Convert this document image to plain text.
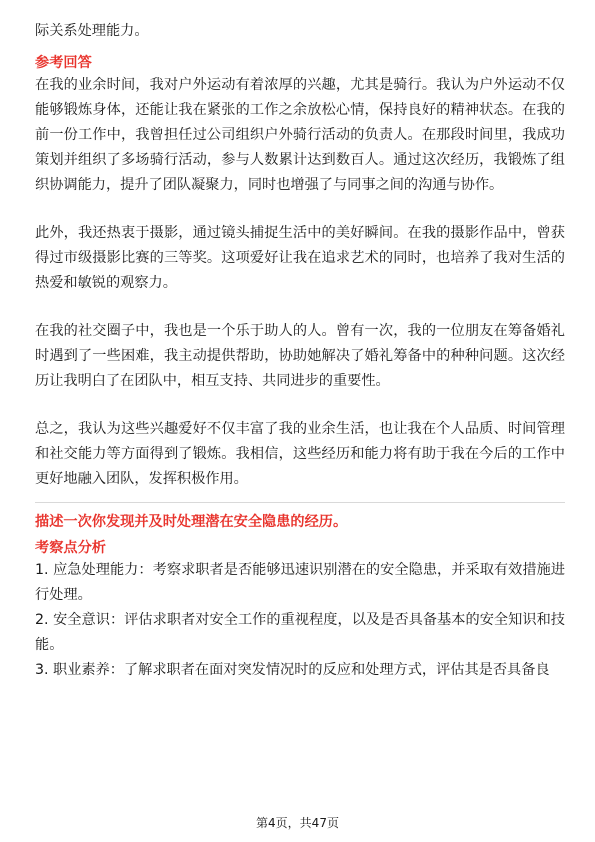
际关系处理能力。

参考回答

在我的业余时间，我对户外运动有着浓厚的兴趣，尤其是骑行。我认为户外运动不仅能够锻炼身体，还能让我在紧张的工作之余放松心情，保持良好的精神状态。在我的前一份工作中，我曾担任过公司组织户外骑行活动的负责人。在那段时间里，我成功策划并组织了多场骑行活动，参与人数累计达到数百人。通过这次经历，我锻炼了组织协调能力，提升了团队凝聚力，同时也增强了与同事之间的沟通与协作。

此外，我还热衷于摄影，通过镜头捕捉生活中的美好瞬间。在我的摄影作品中，曾获得过市级摄影比赛的三等奖。这项爱好让我在追求艺术的同时，也培养了我对生活的热爱和敏锐的观察力。

在我的社交圈子中，我也是一个乐于助人的人。曾有一次，我的一位朋友在筹备婚礼时遇到了一些困难，我主动提供帮助，协助她解决了婚礼筹备中的种种问题。这次经历让我明白了在团队中，相互支持、共同进步的重要性。

总之，我认为这些兴趣爱好不仅丰富了我的业余生活，也让我在个人品质、时间管理和社交能力等方面得到了锻炼。我相信，这些经历和能力将有助于我在今后的工作中更好地融入团队，发挥积极作用。

描述一次你发现并及时处理潜在安全隐患的经历。

考察点分析

1. 应急处理能力：考察求职者是否能够迅速识别潜在的安全隐患，并采取有效措施进行处理。

2. 安全意识：评估求职者对安全工作的重视程度，以及是否具备基本的安全知识和技能。

3. 职业素养：了解求职者在面对突发情况时的反应和处理方式，评估其是否具备良

第4页，共47页
